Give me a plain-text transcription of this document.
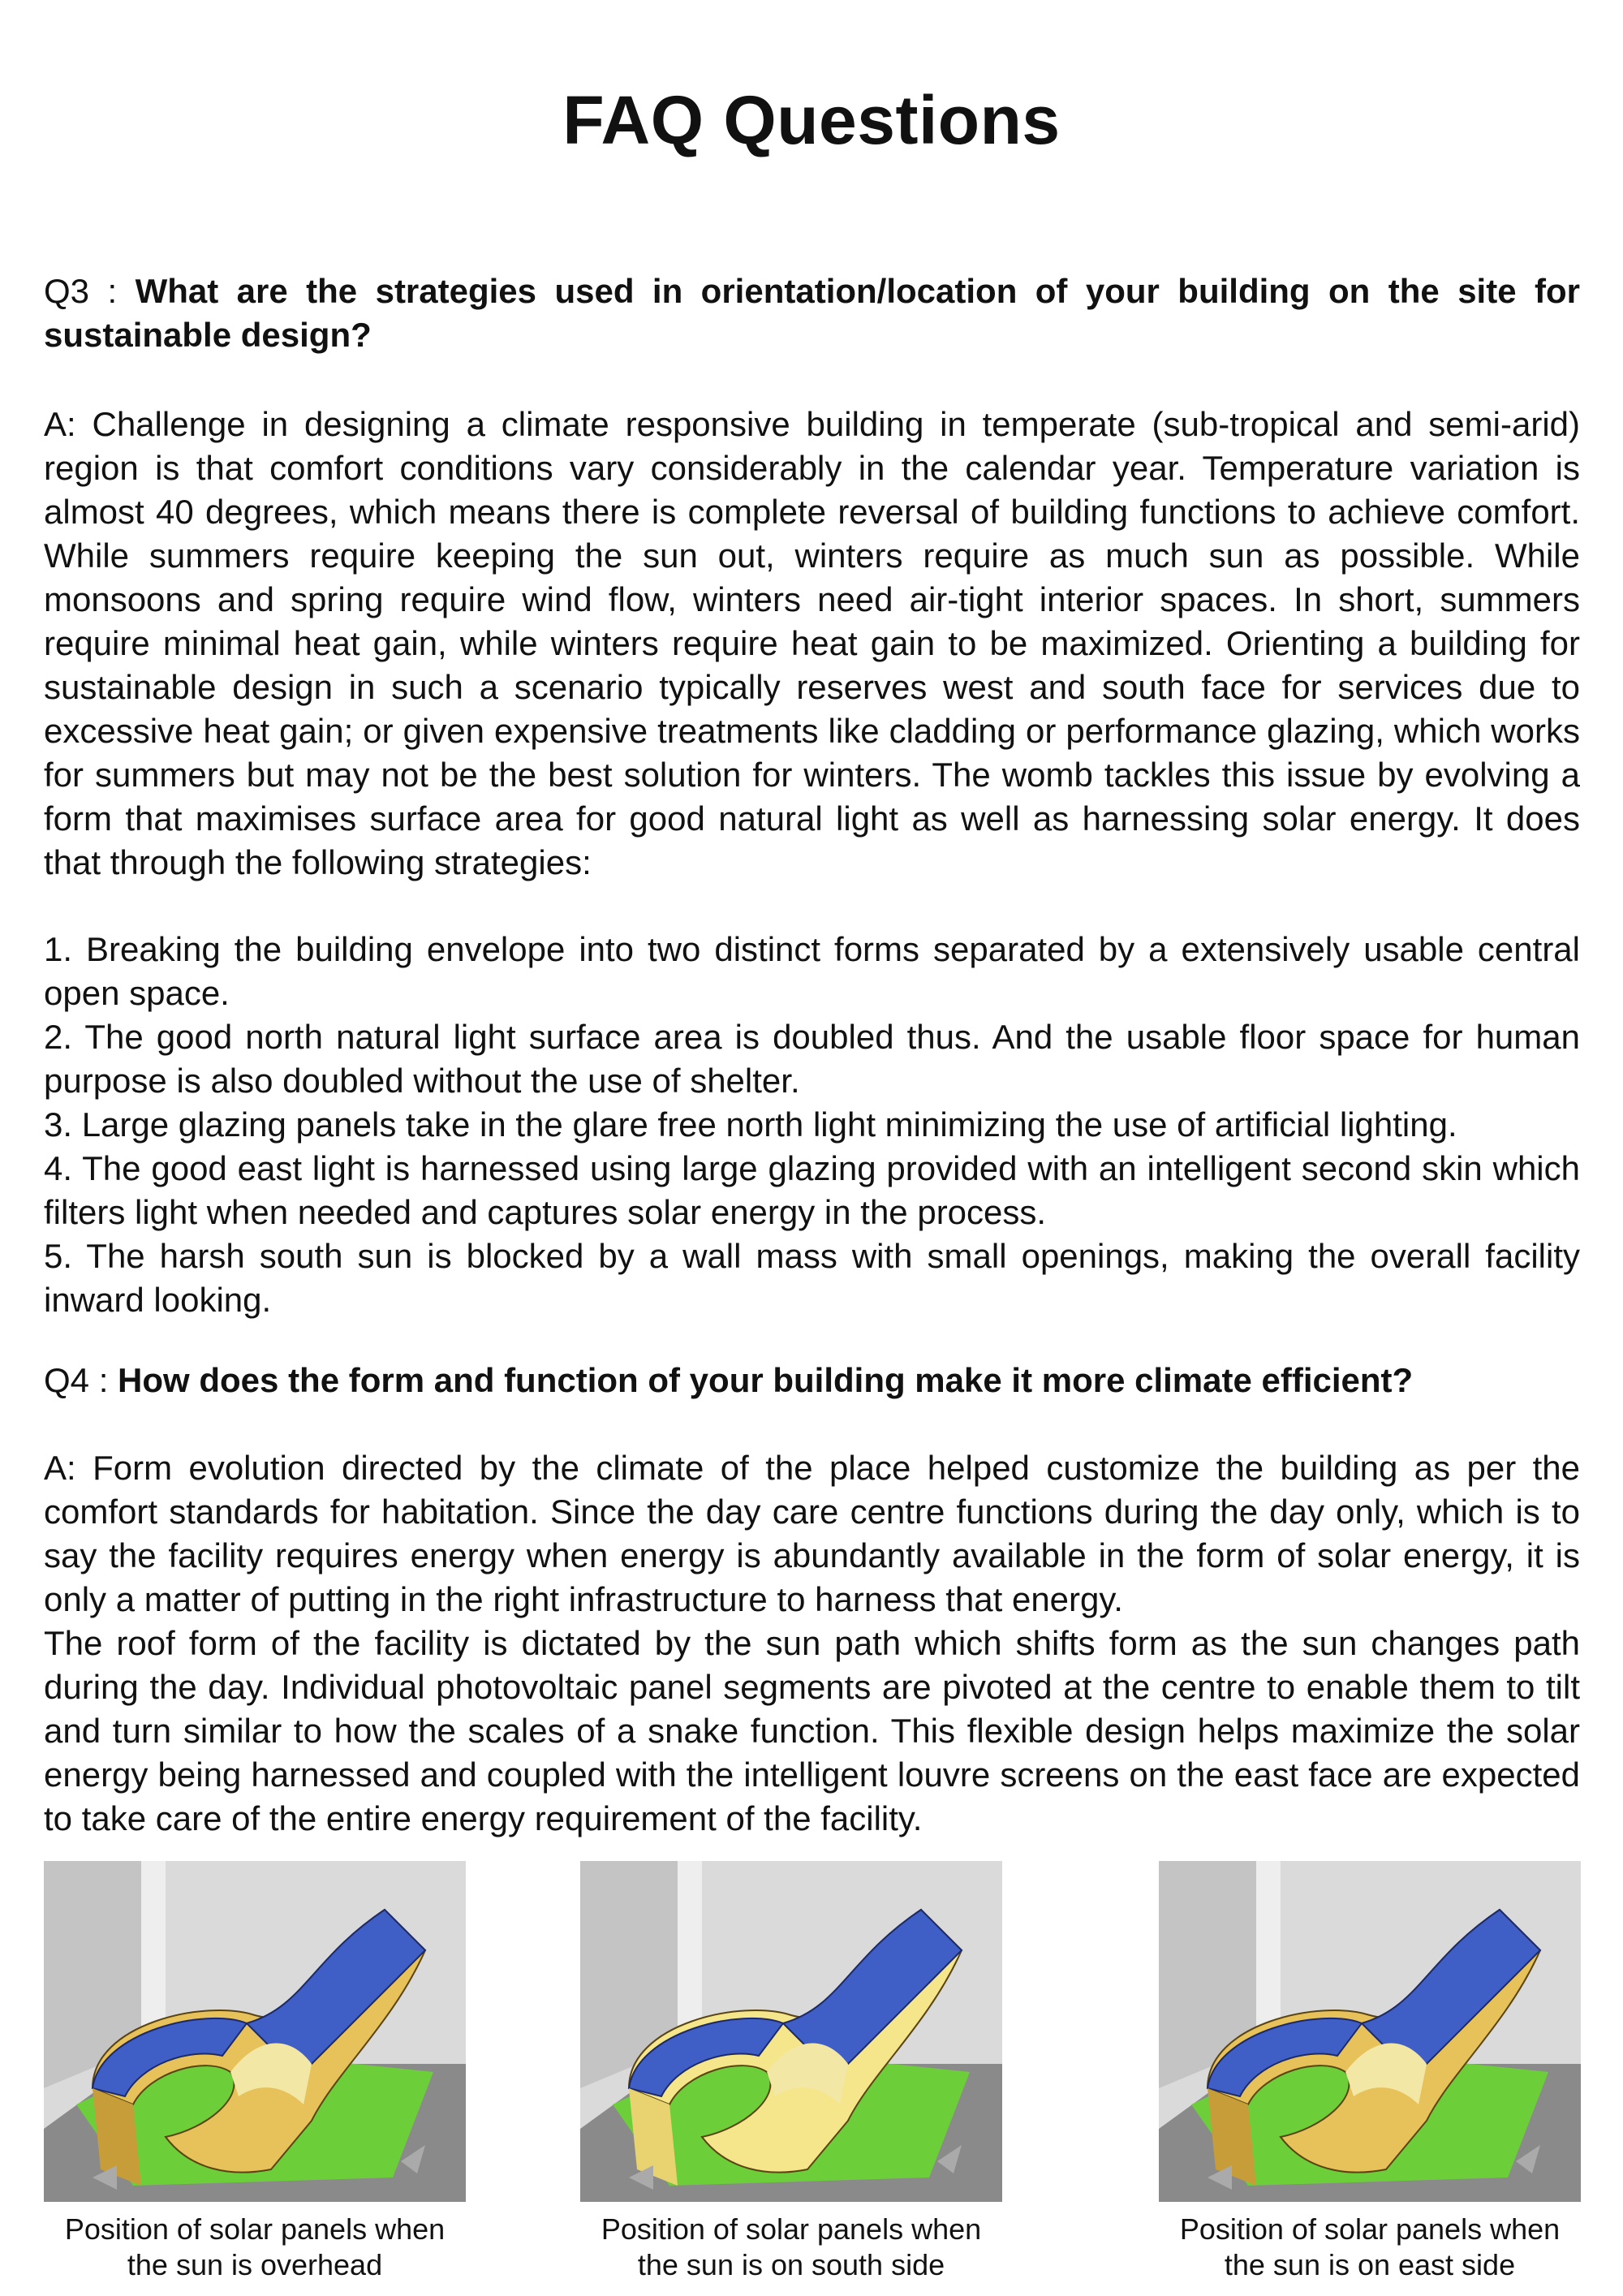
FAQ Questions
Q3 : What are the strategies used in orientation/location of your building on the site for sustainable design?
A: Challenge in designing a climate responsive building in temperate (sub-tropical and semi-arid) region is that comfort conditions vary considerably in the calendar year. Temperature variation is almost 40 degrees, which means there is complete reversal of building functions to achieve comfort. While summers require keeping the sun out, winters require as much sun as possible. While monsoons and spring require wind flow, winters need air-tight interior spaces. In short, summers require minimal heat gain, while winters require heat gain to be maximized. Orienting a building for sustainable design in such a scenario typically reserves west and south face for services due to excessive heat gain; or given expensive treatments like cladding or performance glazing, which works for summers but may not be the best solution for winters. The womb tackles this issue by evolving a form that maximises surface area for good natural light as well as harnessing solar energy. It does that through the following strategies:

1. Breaking the building envelope into two distinct forms separated by a extensively usable central open space.

2. The good north natural light surface area is doubled thus. And the usable floor space for human purpose is also doubled without the use of shelter.

3. Large glazing panels take in the glare free north light minimizing the use of artificial lighting.

4. The good east light is harnessed using large glazing provided with an intelligent second skin which filters light when needed and captures solar energy in the process.

5. The harsh south sun is blocked by a wall mass with small openings, making the overall facility inward looking.

Q4 : How does the form and function of your building make it more climate efficient?
A: Form evolution directed by the climate of the place helped customize the building as per the comfort standards for habitation. Since the day care centre functions during the day only, which is to say the facility requires energy when energy is abundantly available in the form of solar energy, it is only a matter of putting in the right infrastructure to harness that energy.
The roof form of the facility is dictated by the sun path which shifts form as the sun changes path during the day. Individual photovoltaic panel segments are pivoted at the centre to enable them to tilt and turn similar to how the scales of a snake function. This flexible design helps maximize the solar energy being harnessed and coupled with the intelligent louvre screens on the east face are expected to take care of the entire energy requirement of the facility.
Position of solar panels when
the sun is overhead
Position of solar panels when
the sun is on south side
Position of solar panels when
the sun is on east side
